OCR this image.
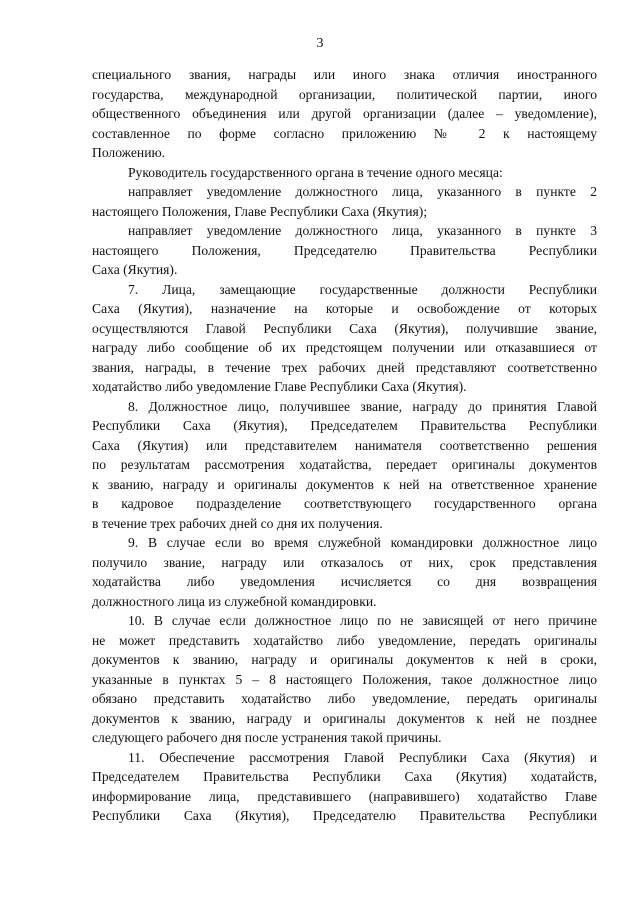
3
специального звания, награды или иного знака отличия иностранного
государства, международной организации, политической партии, иного
общественного объединения или другой организации (далее – уведомление),
составленное по форме согласно приложению № 2 к настоящему
Положению.
Руководитель государственного органа в течение одного месяца:
направляет уведомление должностного лица, указанного в пункте 2
настоящего Положения, Главе Республики Саха (Якутия);
направляет уведомление должностного лица, указанного в пункте 3
настоящего Положения, Председателю Правительства Республики
Саха (Якутия).
7. Лица, замещающие государственные должности Республики
Саха (Якутия), назначение на которые и освобождение от которых
осуществляются Главой Республики Саха (Якутия), получившие звание,
награду либо сообщение об их предстоящем получении или отказавшиеся от
звания, награды, в течение трех рабочих дней представляют соответственно
ходатайство либо уведомление Главе Республики Саха (Якутия).
8. Должностное лицо, получившее звание, награду до принятия Главой
Республики Саха (Якутия), Председателем Правительства Республики
Саха (Якутия) или представителем нанимателя соответственно решения
по результатам рассмотрения ходатайства, передает оригиналы документов
к званию, награду и оригиналы документов к ней на ответственное хранение
в кадровое подразделение соответствующего государственного органа
в течение трех рабочих дней со дня их получения.
9. В случае если во время служебной командировки должностное лицо
получило звание, награду или отказалось от них, срок представления
ходатайства либо уведомления исчисляется со дня возвращения
должностного лица из служебной командировки.
10. В случае если должностное лицо по не зависящей от него причине
не может представить ходатайство либо уведомление, передать оригиналы
документов к званию, награду и оригиналы документов к ней в сроки,
указанные в пунктах 5 – 8 настоящего Положения, такое должностное лицо
обязано представить ходатайство либо уведомление, передать оригиналы
документов к званию, награду и оригиналы документов к ней не позднее
следующего рабочего дня после устранения такой причины.
11. Обеспечение рассмотрения Главой Республики Саха (Якутия) и
Председателем Правительства Республики Саха (Якутия) ходатайств,
информирование лица, представившего (направившего) ходатайство Главе
Республики Саха (Якутия), Председателю Правительства Республики
